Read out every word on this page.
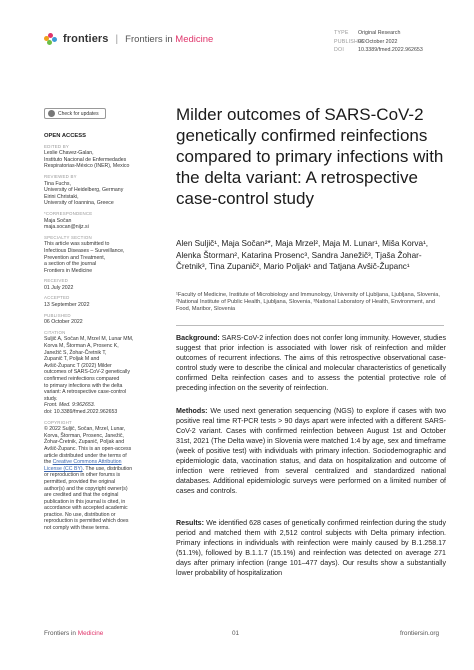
frontiers | Frontiers in Medicine
TYPE Original Research
PUBLISHED06 October 2022
DOI	10.3389/fmed.2022.962653
Check for updates
OPEN ACCESS
EDITED BY
Leslie Chavez-Galan,
Instituto Nacional de Enfermedades
Respiratorias-México (INER), Mexico
REVIEWED BY
Tina Fuchs,
University of Heidelberg, Germany
Eirini Christaki,
University of Ioannina, Greece
*CORRESPONDENCE
Maja Sočan
maja.socan@nijz.si
SPECIALTY SECTION
This article was submitted to
Infectious Diseases – Surveillance,
Prevention and Treatment,
a section of the journal
Frontiers in Medicine
RECEIVED
01 July 2022
ACCEPTED
13 September 2022
PUBLISHED
06 October 2022
CITATION
Suljič A, Sočan M, Mrzel M, Lunar MM,
Korva M, Štorman A, Prosenc K,
Janežič S, Žohar-Čretnik T,
Zupanič T, Poljak M and
Avšič-Županc T (2022) Milder
outcomes of SARS-CoV-2 genetically
confirmed reinfections compared
to primary infections with the delta
variant: A retrospective case-control
study.
Front. Med. 9:962653.
doi: 10.3389/fmed.2022.962653
COPYRIGHT
© 2022 Suljič, Sočan, Mrzel, Lunar,
Korva, Štorman, Prosenc, Janežič,
Žohar-Čretnik, Zupanič, Poljak and
Avšič-Županc. This is an open-access
article distributed under the terms of
the Creative Commons Attribution
License (CC BY). The use, distribution
or reproduction in other forums is
permitted, provided the original
author(s) and the copyright owner(s)
are credited and that the original
publication in this journal is cited, in
accordance with accepted academic
practice. No use, distribution or
reproduction is permitted which does
not comply with these terms.
Milder outcomes of SARS-CoV-2 genetically confirmed reinfections compared to primary infections with the delta variant: A retrospective case-control study
Alen Suljič¹, Maja Sočan²*, Maja Mrzel², Maja M. Lunar¹, Miša Korva¹, Alenka Štorman², Katarina Prosenc³, Sandra Janežič³, Tjaša Žohar-Čretnik³, Tina Zupanič², Mario Poljak¹ and Tatjana Avšič-Županc¹
¹Faculty of Medicine, Institute of Microbiology and Immunology, University of Ljubljana, Ljubljana, Slovenia, ²National Institute of Public Health, Ljubljana, Slovenia, ³National Laboratory of Health, Environment, and Food, Maribor, Slovenia
Background: SARS-CoV-2 infection does not confer long immunity. However, studies suggest that prior infection is associated with lower risk of reinfection and milder outcomes of recurrent infections. The aims of this retrospective observational case-control study were to describe the clinical and molecular characteristics of genetically confirmed Delta reinfection cases and to assess the potential protective role of preceding infection on the severity of reinfection.
Methods: We used next generation sequencing (NGS) to explore if cases with two positive real time RT-PCR tests > 90 days apart were infected with a different SARS-CoV-2 variant. Cases with confirmed reinfection between August 1st and October 31st, 2021 (The Delta wave) in Slovenia were matched 1:4 by age, sex and timeframe (week of positive test) with individuals with primary infection. Sociodemographic and epidemiologic data, vaccination status, and data on hospitalization and outcome of infection were retrieved from several centralized and standardized national databases. Additional epidemiologic surveys were performed on a limited number of cases and controls.
Results: We identified 628 cases of genetically confirmed reinfection during the study period and matched them with 2,512 control subjects with Delta primary infection. Primary infections in individuals with reinfection were mainly caused by B.1.258.17 (51.1%), followed by B.1.1.7 (15.1%) and reinfection was detected on average 271 days after primary infection (range 101–477 days). Our results show a substantially lower probability of hospitalization
Frontiers in Medicine	01	frontiersin.org
